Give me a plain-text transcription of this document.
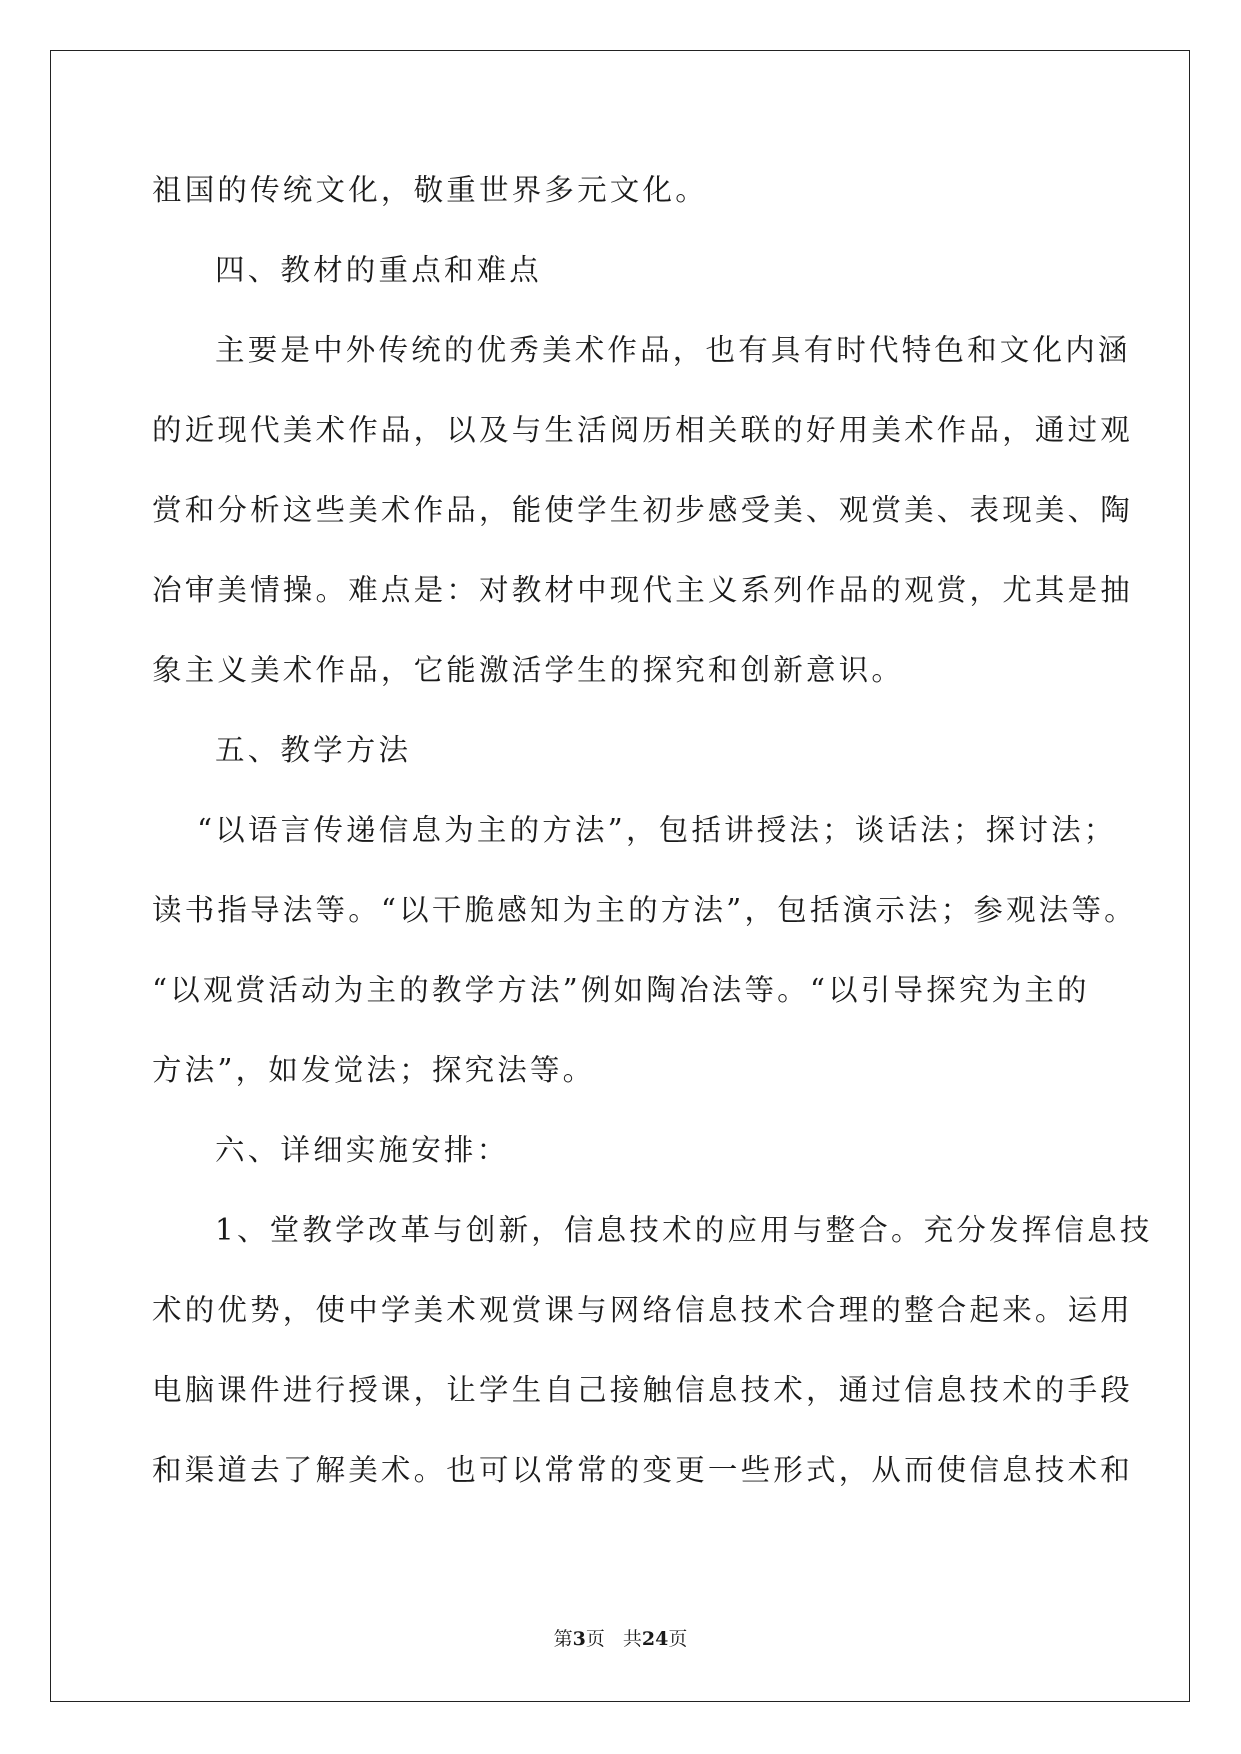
祖国的传统文化，敬重世界多元文化。
四、教材的重点和难点
主要是中外传统的优秀美术作品，也有具有时代特色和文化内涵
的近现代美术作品，以及与生活阅历相关联的好用美术作品，通过观
赏和分析这些美术作品，能使学生初步感受美、观赏美、表现美、陶
冶审美情操。难点是：对教材中现代主义系列作品的观赏，尤其是抽
象主义美术作品，它能激活学生的探究和创新意识。
五、教学方法
“以语言传递信息为主的方法”，包括讲授法；谈话法；探讨法；
读书指导法等。“以干脆感知为主的方法”，包括演示法；参观法等。
“以观赏活动为主的教学方法”例如陶冶法等。“以引导探究为主的
方法”，如发觉法；探究法等。
六、详细实施安排：
1、堂教学改革与创新，信息技术的应用与整合。充分发挥信息技
术的优势，使中学美术观赏课与网络信息技术合理的整合起来。运用
电脑课件进行授课，让学生自己接触信息技术，通过信息技术的手段
和渠道去了解美术。也可以常常的变更一些形式，从而使信息技术和
第3页 共24页
